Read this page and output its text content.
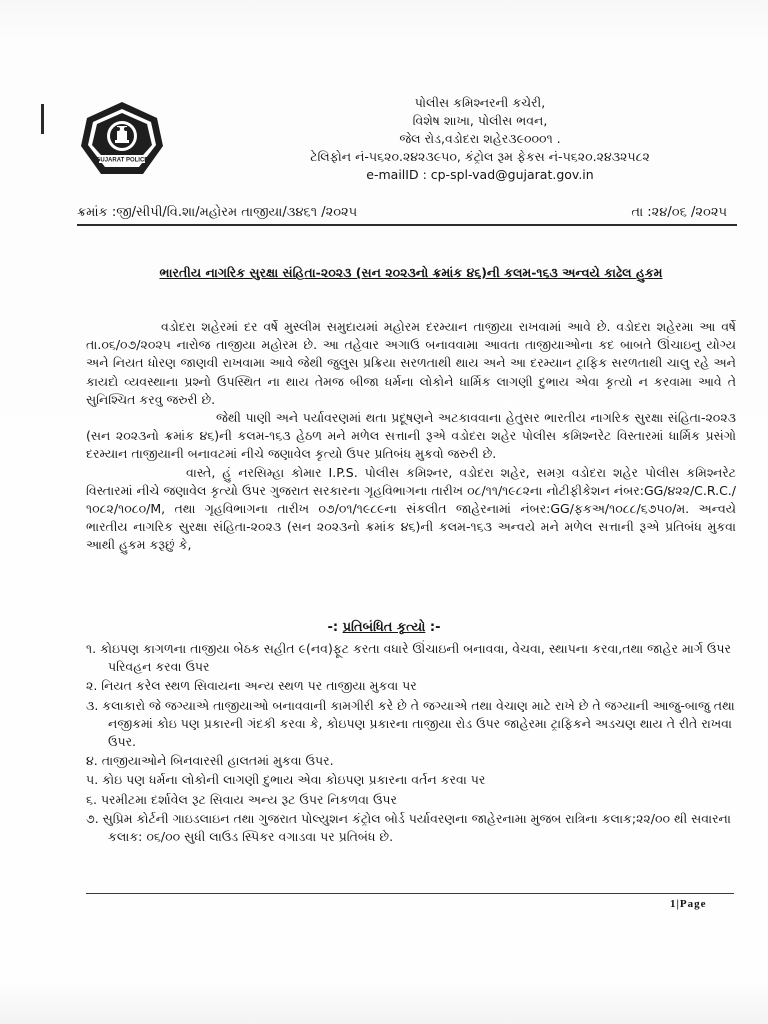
GUJARAT POLICE
પોલીસ કમિશ્નરની કચેરી,
વિશેષ શાખા, પોલીસ ભવન,
જેલ રોડ,વડોદરા શહેર૩૯૦૦૦૧ .
ટેલિફોન નં-૫૬૨૦.૨૪૨૩૯૫૦, કંટ્રોલ રૂમ ફેકસ નં-૫૬૨૦.૨૪૩૨૫૮૨
e-mailID : cp-spl-vad@gujarat.gov.in
ક્રમાંક :જી/સીપી/વિ.શા/મહોરમ તાજીયા/૩૪૬૧ /૨૦૨૫	તા :૨૪/૦૬ /૨૦૨૫
ભારતીય નાગરિક સુરક્ષા સંહિતા-૨૦૨૩ (સન ૨૦૨૩નો ક્રમાંક ૪૬)ની કલમ-૧૬૩ અન્વયે કાઢેલ હુકમ

વડોદરા શહેરમાં દર વર્ષે મુસ્લીમ સમુદાયમાં મહોરમ દરમ્યાન તાજીયા રાખવામાં આવે છે. વડોદરા શહેરમા આ વર્ષે તા.૦૬/૦૭/૨૦૨૫ નારોજ તાજીયા મહોરમ છે. આ તહેવાર અગાઉ બનાવવામા આવતા તાજીયાઓના કદ બાબતે ઊંચાઇનુ યોગ્ય અને નિયત ધોરણ જાણવી રાખવામા આવે જેથી જુલુસ પ્રક્રિયા સરળતાથી થાય અને આ દરમ્યાન ટ્રાફિક સરળતાથી ચાલુ રહે અને કાયદો વ્યવસ્થાના પ્રશ્નો ઉપસ્થિત ના થાય તેમજ બીજા ધર્મના લોકોને ધાર્મિક લાગણી દુભાય એવા કૃત્યો ન કરવામા આવે તે સુનિશ્ચિત કરવુ જરુરી છે.

જેથી પાણી અને પર્યાવરણમાં થતા પ્રદૂષણને અટકાવવાના હેતુસર ભારતીય નાગરિક સુરક્ષા સંહિતા-૨૦૨૩ (સન ૨૦૨૩નો ક્રમાંક ૪૬)ની કલમ-૧૬૩ હેઠળ મને મળેલ સત્તાની રૂએ વડોદરા શહેર પોલીસ કમિશ્નરેટ વિસ્તારમાં ધાર્મિક પ્રસંગો દરમ્યાન તાજીયાની બનાવટમાં નીચે જણાવેલ કૃત્યો ઉપર પ્રતિબંધ મુકવો જરુરી છે.

વાસ્તે, હું નરસિમ્હા કોમાર I.P.S. પોલીસ કમિશ્નર, વડોદરા શહેર, સમગ્ર વડોદરા શહેર પોલીસ કમિશ્નરેટ વિસ્તારમાં નીચે જણાવેલ કૃત્યો ઉપર ગુજરાત સરકારના ગૃહવિભાગના તારીખ ૦૮/૧૧/૧૯૮૨ના નોટીફીકેશન નંબર:GG/૪૨૨/C.R.C./૧૦૮૨/૧૦૮૦/M, તથા ગૃહવિભાગના તારીખ ૦૭/૦૧/૧૯૮૯ના સંકલીત જાહેરનામાં નંબર:GG/ફકઅ/૧૦૮૮/૬૭૫૦/મ. અન્વયે ભારતીય નાગરિક સુરક્ષા સંહિતા-૨૦૨૩ (સન ૨૦૨૩નો ક્રમાંક ૪૬)ની કલમ-૧૬૩ અન્વયે મને મળેલ સત્તાની રૂએ પ્રતિબંધ મુકવા આથી હુકમ કરૂછું કે,

-: પ્રતિબંધિત કૃત્યો :-
૧. કોઇપણ કાગળના તાજીયા બેઠક સહીત ૯(નવ)ફૂટ કરતા વધારે ઊંચાઇની બનાવવા, વેચવા, સ્થાપના કરવા,તથા જાહેર માર્ગ ઉપર પરિવહન કરવા ઉપર
૨. નિયત કરેલ સ્થળ સિવાયના અન્ય સ્થળ પર તાજીયા મુકવા પર
૩. કલાકારો જે જગ્યાએ તાજીયાઓ બનાવવાની કામગીરી કરે છે તે જગ્યાએ તથા વેચાણ માટે રાખે છે તે જગ્યાની આજુ-બાજુ તથા નજીકમાં કોઇ પણ પ્રકારની ગંદકી કરવા કે, કોઇપણ પ્રકારના તાજીયા રોડ ઉપર જાહેરમા ટ્રાફિકને અડચણ થાય તે રીતે રાખવા ઉપર.
૪. તાજીયાઓને બિનવારસી હાલતમાં મુકવા ઉપર.
૫. કોઇ પણ ધર્મના લોકોની લાગણી દુભાય એવા કોઇપણ પ્રકારના વર્તન કરવા પર
૬. પરમીટમા દર્શાવેલ રૂટ સિવાય અન્ય રૂટ ઉપર નિકળવા ઉપર
૭. સુપ્રિમ કોર્ટની ગાઇડલાઇન તથા ગુજરાત પોલ્યુશન કંટ્રોલ બોર્ડ પર્યાવરણના જાહેરનામા મુજબ રાત્રિના કલાક;૨૨/૦૦ થી સવારના કલાક: ૦૬/૦૦ સુધી લાઉડ સ્પિકર વગાડવા પર પ્રતિબંધ છે.
1|Page
